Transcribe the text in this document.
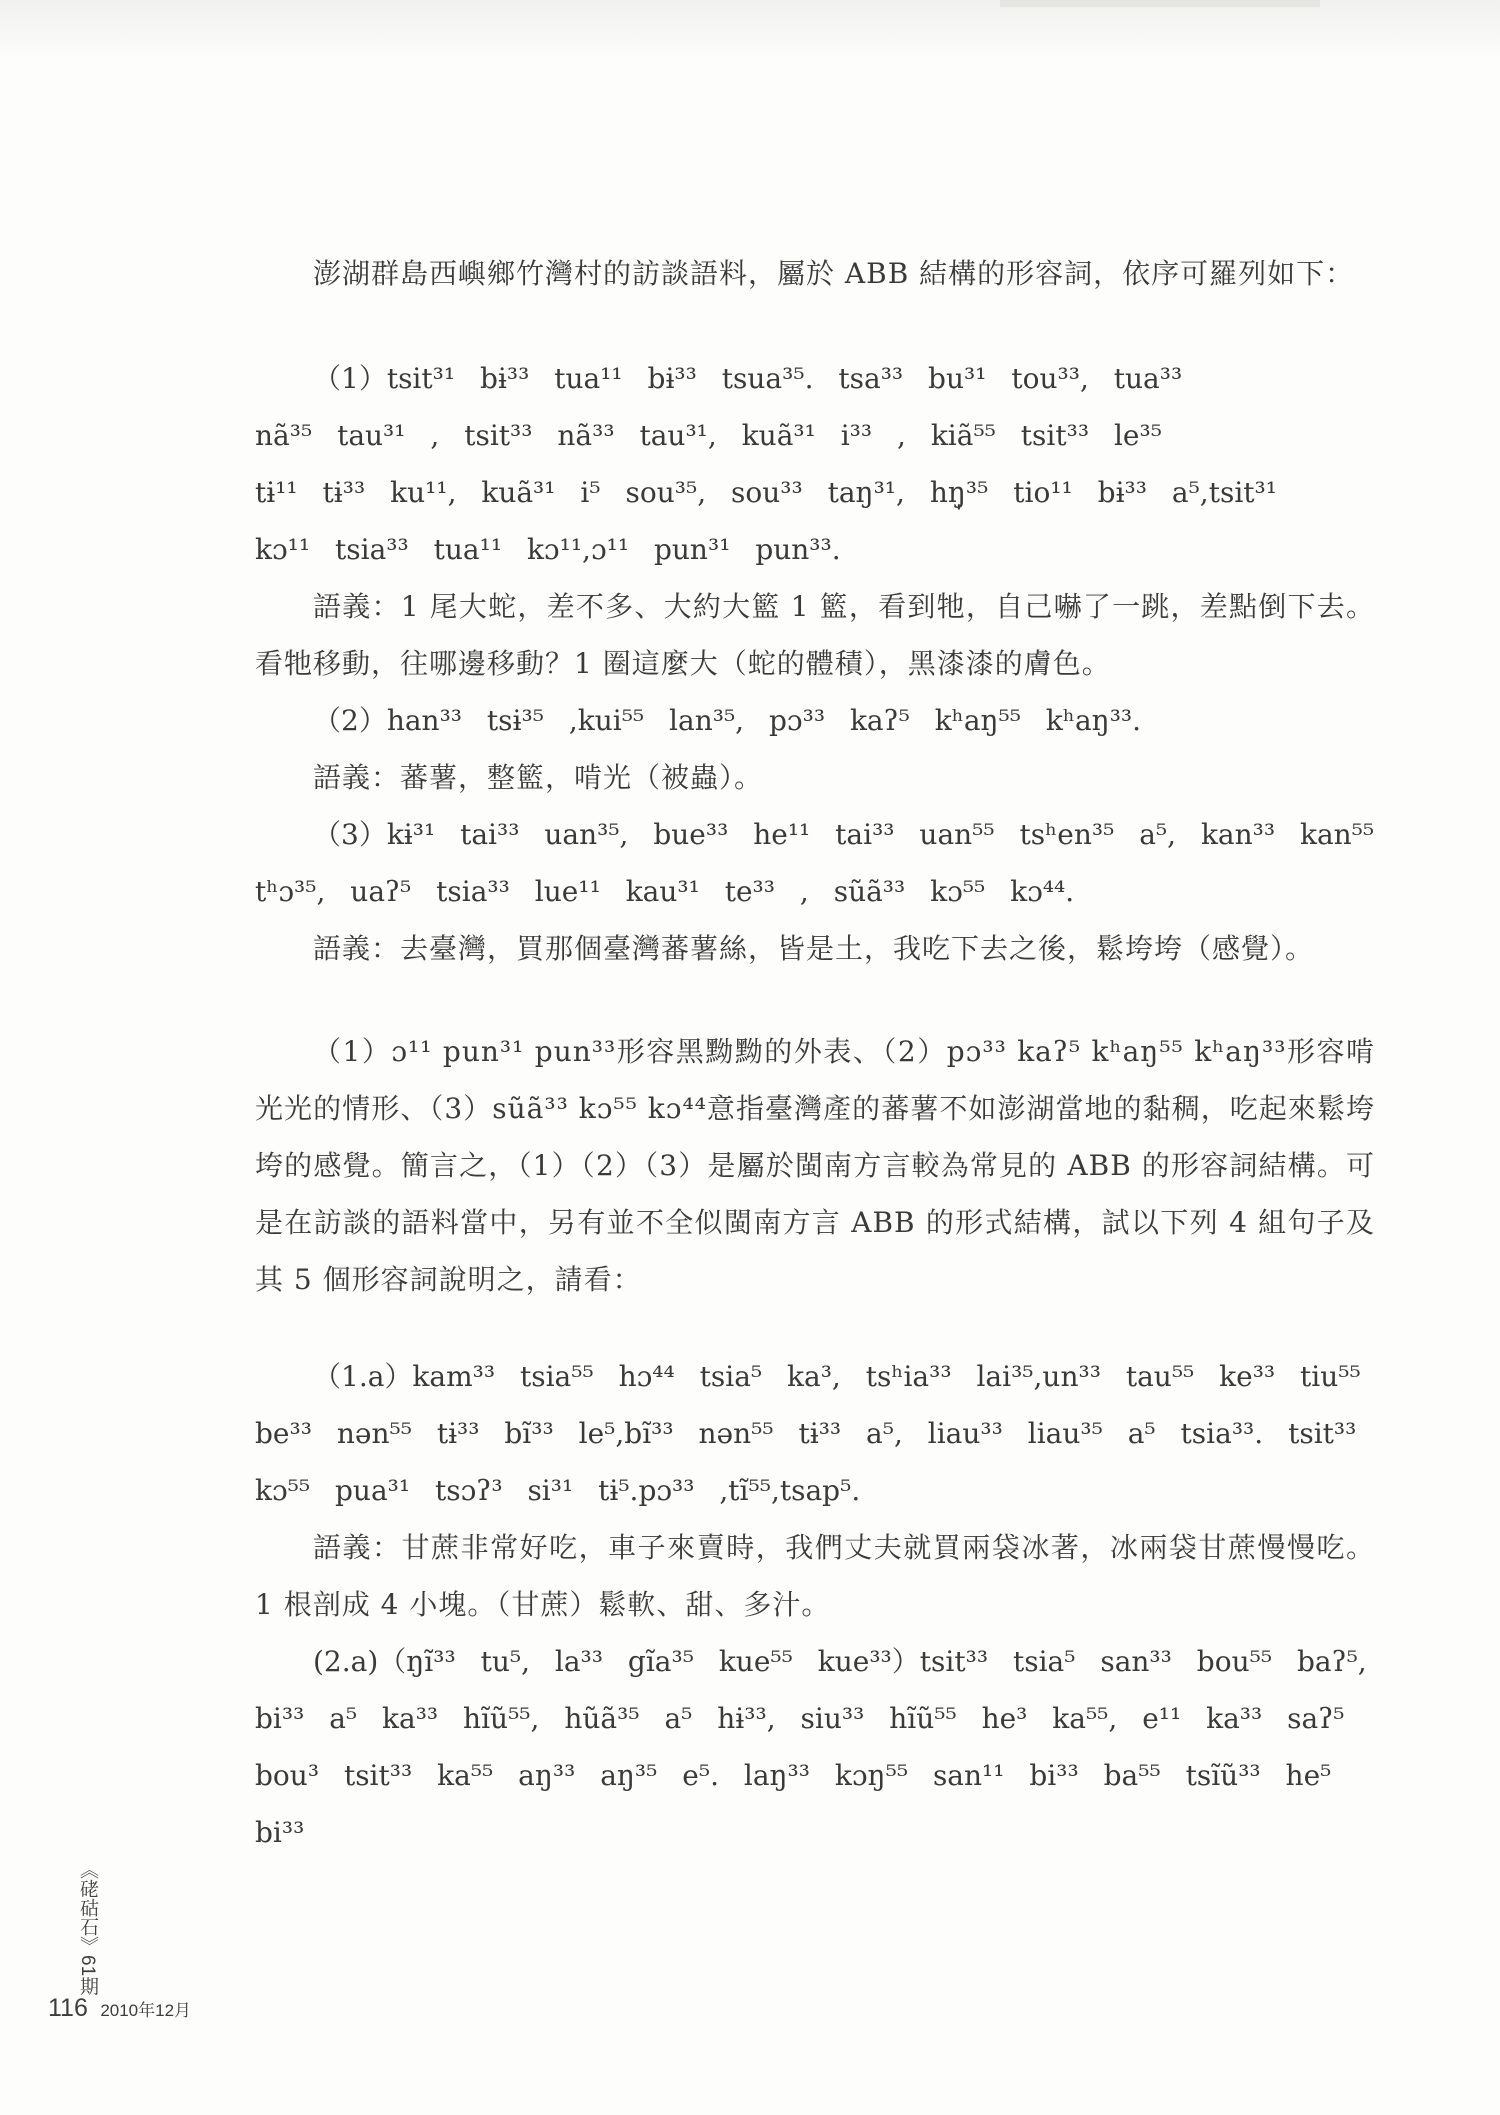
澎湖群島西嶼鄉竹灣村的訪談語料，屬於 ABB 結構的形容詞，依序可羅列如下：

（1）tsit³¹ bɨ³³ tua¹¹ bɨ³³ tsua³⁵. tsa³³ bu³¹ tou³³, tua³³

nã³⁵ tau³¹ , tsit³³ nã³³ tau³¹, kuã³¹ i³³ , kiã⁵⁵ tsit³³ le³⁵

tɨ¹¹ tɨ³³ ku¹¹, kuã³¹ i⁵ sou³⁵, sou³³ taŋ³¹, hŋ̩³⁵ tio¹¹ bɨ³³ a⁵,tsit³¹

kɔ¹¹ tsia³³ tua¹¹ kɔ¹¹,ɔ¹¹ pun³¹ pun³³.

語義：1 尾大蛇，差不多、大約大籃 1 籃，看到牠，自己嚇了一跳，差點倒下去。看牠移動，往哪邊移動？1 圈這麼大（蛇的體積），黑漆漆的膚色。

（2）han³³ tsɨ³⁵ ,kui⁵⁵ lan³⁵, pɔ³³ kaʔ⁵ kʰaŋ⁵⁵ kʰaŋ³³.

語義：蕃薯，整籃，啃光（被蟲）。

（3）kɨ³¹ tai³³ uan³⁵, bue³³ he¹¹ tai³³ uan⁵⁵ tsʰen³⁵ a⁵, kan³³ kan⁵⁵

tʰɔ³⁵, uaʔ⁵ tsia³³ lue¹¹ kau³¹ te³³ , sũã³³ kɔ⁵⁵ kɔ⁴⁴.

語義：去臺灣，買那個臺灣蕃薯絲，皆是土，我吃下去之後，鬆垮垮（感覺）。

（1）ɔ¹¹ pun³¹ pun³³形容黑黝黝的外表、（2）pɔ³³ kaʔ⁵ kʰaŋ⁵⁵ kʰaŋ³³形容啃光光的情形、（3）sũã³³ kɔ⁵⁵ kɔ⁴⁴意指臺灣產的蕃薯不如澎湖當地的黏稠，吃起來鬆垮垮的感覺。簡言之，（1）（2）（3）是屬於閩南方言較為常見的 ABB 的形容詞結構。可是在訪談的語料當中，另有並不全似閩南方言 ABB 的形式結構，試以下列 4 組句子及其 5 個形容詞說明之，請看：

（1.a）kam³³ tsia⁵⁵ hɔ⁴⁴ tsia⁵ ka³, tsʰia³³ lai³⁵,un³³ tau⁵⁵ ke³³ tiu⁵⁵

be³³ nən⁵⁵ tɨ³³ bĩ³³ le⁵,bĩ³³ nən⁵⁵ tɨ³³ a⁵, liau³³ liau³⁵ a⁵ tsia³³. tsit³³

kɔ⁵⁵ pua³¹ tsɔʔ³ si³¹ tɨ⁵.pɔ³³ ,tĩ⁵⁵,tsap⁵.

語義：甘蔗非常好吃，車子來賣時，我們丈夫就買兩袋冰著，冰兩袋甘蔗慢慢吃。1 根剖成 4 小塊。（甘蔗）鬆軟、甜、多汁。

(2.a)（ŋĩ³³ tu⁵, la³³ gĩa³⁵ kue⁵⁵ kue³³）tsit³³ tsia⁵ san³³ bou⁵⁵ baʔ⁵,

bi³³ a⁵ ka³³ hĩũ⁵⁵, hũã³⁵ a⁵ hɨ³³, siu³³ hĩũ⁵⁵ he³ ka⁵⁵, e¹¹ ka³³ saʔ⁵

bou³ tsit³³ ka⁵⁵ aŋ³³ aŋ³⁵ e⁵. laŋ³³ kɔŋ⁵⁵ san¹¹ bi³³ ba⁵⁵ tsĩũ³³ he⁵ bi³³

《硓𥑮石》61期
116 2010年12月
